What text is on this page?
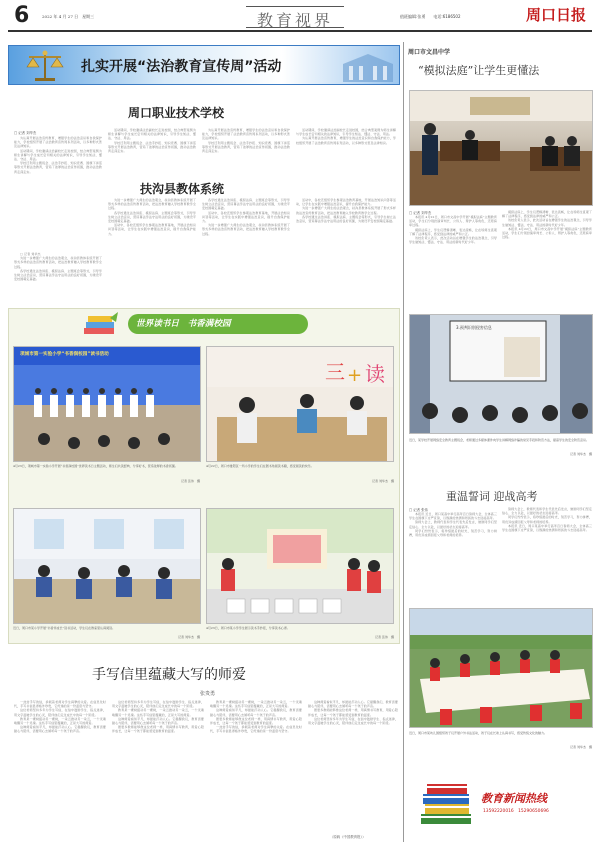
6	2022 年 4 月 27 日　星期三	教育视界	值班编辑:张勇　　电话:6186502	周口日报
扎实开展“法治教育宣传周”活动
周口职业技术学校
□ 记者 刘华杰
为认真开展法治宣传教育，增强学生的法治意识和自我保护能力，学校组织开展了法治教育宣传周系列活动，以多种形式普及法律知识。
活动期间，学校邀请法治副校长走进校园，结合典型案例为师生讲解与学生成长密切相关的法律知识，引导学生知法、懂法、守法、用法。
学校还利用主题班会、法治手抄报、知识竞赛、国旗下讲话等形式开展法治教育，营造了浓厚的法治宣传氛围，推动法治教育走深走实。
活动期间，学校邀请法治副校长走进校园，结合典型案例为师生讲解与学生成长密切相关的法律知识，引导学生知法、懂法、守法、用法。
学校还利用主题班会、法治手抄报、知识竞赛、国旗下讲话等形式开展法治教育，营造了浓厚的法治宣传氛围，推动法治教育走深走实。
为认真开展法治宣传教育，增强学生的法治意识和自我保护能力，学校组织开展了法治教育宣传周系列活动，以多种形式普及法律知识。
学校还利用主题班会、法治手抄报、知识竞赛、国旗下讲话等形式开展法治教育，营造了浓厚的法治宣传氛围，推动法治教育走深走实。
活动期间，学校邀请法治副校长走进校园，结合典型案例为师生讲解与学生成长密切相关的法律知识，引导学生知法、懂法、守法、用法。
为认真开展法治宣传教育，增强学生的法治意识和自我保护能力，学校组织开展了法治教育宣传周系列活动，以多种形式普及法律知识。
扶沟县教体系统
为进一步增强广大师生的法治观念，扶沟县教体系统开展了形式多样的法治宣传教育活动，把法治教育融入学校教育教学全过程。
各学校通过法治讲座、模拟法庭、主题班会等形式，引导学生树立法治意识，营造尊法学法守法用法的良好氛围，为建设平安校园奠定基础。
活动中，各校还组织学生参观法治教育基地，开展法治知识问答等活动，让学生在实践中增强法治意识，提升自我保护能力。
□ 记者 刘华杰
为进一步增强广大师生的法治观念，扶沟县教体系统开展了形式多样的法治宣传教育活动，把法治教育融入学校教育教学全过程。
各学校通过法治讲座、模拟法庭、主题班会等形式，引导学生树立法治意识，营造尊法学法守法用法的良好氛围，为建设平安校园奠定基础。
各学校通过法治讲座、模拟法庭、主题班会等形式，引导学生树立法治意识，营造尊法学法守法用法的良好氛围，为建设平安校园奠定基础。
活动中，各校还组织学生参观法治教育基地，开展法治知识问答等活动，让学生在实践中增强法治意识，提升自我保护能力。
为进一步增强广大师生的法治观念，扶沟县教体系统开展了形式多样的法治宣传教育活动，把法治教育融入学校教育教学全过程。
活动中，各校还组织学生参观法治教育基地，开展法治知识问答等活动，让学生在实践中增强法治意识，提升自我保护能力。
为进一步增强广大师生的法治观念，扶沟县教体系统开展了形式多样的法治宣传教育活动，把法治教育融入学校教育教学全过程。
各学校通过法治讲座、模拟法庭、主题班会等形式，引导学生树立法治意识，营造尊法学法守法用法的良好氛围，为建设平安校园奠定基础。
周口市文昌中学
“模拟法庭”让学生更懂法
□ 记者 刘华杰
本报讯 4月22日，周口市文昌中学开展“模拟法庭”主题教育活动，学生们分别扮演审判长、公诉人、辩护人等角色，还原庭审过程。
模拟法庭上，学生们逻辑清晰、表达流畅，让在场师生直观了解了法律程序，感受到法律的威严和公正。
该校负责人表示，此次活动旨在增强学生的法治观念，引导学生做知法、懂法、守法、用法的新时代好少年。
模拟法庭上，学生们逻辑清晰、表达流畅，让在场师生直观了解了法律程序，感受到法律的威严和公正。
该校负责人表示，此次活动旨在增强学生的法治观念，引导学生做知法、懂法、守法、用法的新时代好少年。
本报讯 4月22日，周口市文昌中学开展“模拟法庭”主题教育活动，学生们分别扮演审判长、公诉人、辩护人等角色，还原庭审过程。
世界读书日　书香满校园
项城市第一实验小学“书香润校园”读书活动
4月23日，项城市第一实验小学开展“书香润校园”世界读书日主题活动，师生们共读经典、分享好书，营造浓厚的书香氛围。
记者 张伟　摄
三 + 读
4月22日，周口市淮阳区一所小学的学生们在图书角阅读书籍，感受阅读的快乐。
记者 刘华杰　摄
近日，周口市某小学开展“书香伴成长”读书活动，学生们在教室里认真阅读。
记者 刘华杰　摄
4月23日，周口市某小学学生展示读书手抄报，分享读书心得。
记者 张伟　摄
3.预判识别侵害信息
近日，某学校开展网络安全教育主题班会，老师通过多媒体课件向学生讲解网络诈骗的常见手段和防范方法，提高学生的安全防范意识。
记者 刘华杰　摄
重温誓词 迎战高考
□ 记者 张伟
本报讯 近日，周口某高中举行高考百日誓师大会，全体高三学生在国旗下庄严宣誓，以饱满的热情和昂扬的斗志迎接高考。
誓师大会上，教师代表和学生代表先后发言，勉励同学们坚定信心、全力以赴，以最好的状态迎接高考。
同学们纷纷表示，将珍惜最后的时光，刻苦学习，努力拼搏，用优异成绩回报父母和老师的培养。
誓师大会上，教师代表和学生代表先后发言，勉励同学们坚定信心、全力以赴，以最好的状态迎接高考。
同学们纷纷表示，将珍惜最后的时光，刻苦学习，努力拼搏，用优异成绩回报父母和老师的培养。
本报讯 近日，周口某高中举行高考百日誓师大会，全体高三学生在国旗下庄严宣誓，以饱满的热情和昂扬的斗志迎接高考。
近日，周口市某幼儿园组织孩子们开展户外书法活动，孩子们在长卷上认真书写，感受传统文化的魅力。
记者 刘华杰　摄
教育新闻热线
13592220016　15290650696
手写信里蕴藏大写的师爱
张贵勇
一封封手写的信，承载着老师对学生真挚的关爱。在信息化时代，手写书信显得格外珍贵，它传递的是一份温度与坚守。
这位老师坚持多年为学生写信，在信中鼓励学生、指点迷津，用文字温暖学生的心灵，陪伴他们走过成长中的每一个阶段。
教育是一棵树摇动另一棵树，一朵云推动另一朵云，一个灵魂唤醒另一个灵魂。这些手写信里蕴藏的，正是大写的师爱。
这种师爱看似平凡，却最能打动人心。它提醒我们，教育需要耐心与陪伴，需要用心去倾听每一个孩子的声音。
这位老师坚持多年为学生写信，在信中鼓励学生、指点迷津，用文字温暖学生的心灵，陪伴他们走过成长中的每一个阶段。
教育是一棵树摇动另一棵树，一朵云推动另一朵云，一个灵魂唤醒另一个灵魂。这些手写信里蕴藏的，正是大写的师爱。
这种师爱看似平凡，却最能打动人心。它提醒我们，教育需要耐心与陪伴，需要用心去倾听每一个孩子的声音。
愿更多教师能够像这位老师一样，用真情书写教育，用爱心陪伴成长，让每一个孩子都能感受到教育的温度。
教育是一棵树摇动另一棵树，一朵云推动另一朵云，一个灵魂唤醒另一个灵魂。这些手写信里蕴藏的，正是大写的师爱。
这种师爱看似平凡，却最能打动人心。它提醒我们，教育需要耐心与陪伴，需要用心去倾听每一个孩子的声音。
愿更多教师能够像这位老师一样，用真情书写教育，用爱心陪伴成长，让每一个孩子都能感受到教育的温度。
一封封手写的信，承载着老师对学生真挚的关爱。在信息化时代，手写书信显得格外珍贵，它传递的是一份温度与坚守。
这种师爱看似平凡，却最能打动人心。它提醒我们，教育需要耐心与陪伴，需要用心去倾听每一个孩子的声音。
愿更多教师能够像这位老师一样，用真情书写教育，用爱心陪伴成长，让每一个孩子都能感受到教育的温度。
这位老师坚持多年为学生写信，在信中鼓励学生、指点迷津，用文字温暖学生的心灵，陪伴他们走过成长中的每一个阶段。
（原载《中国教育报》）
